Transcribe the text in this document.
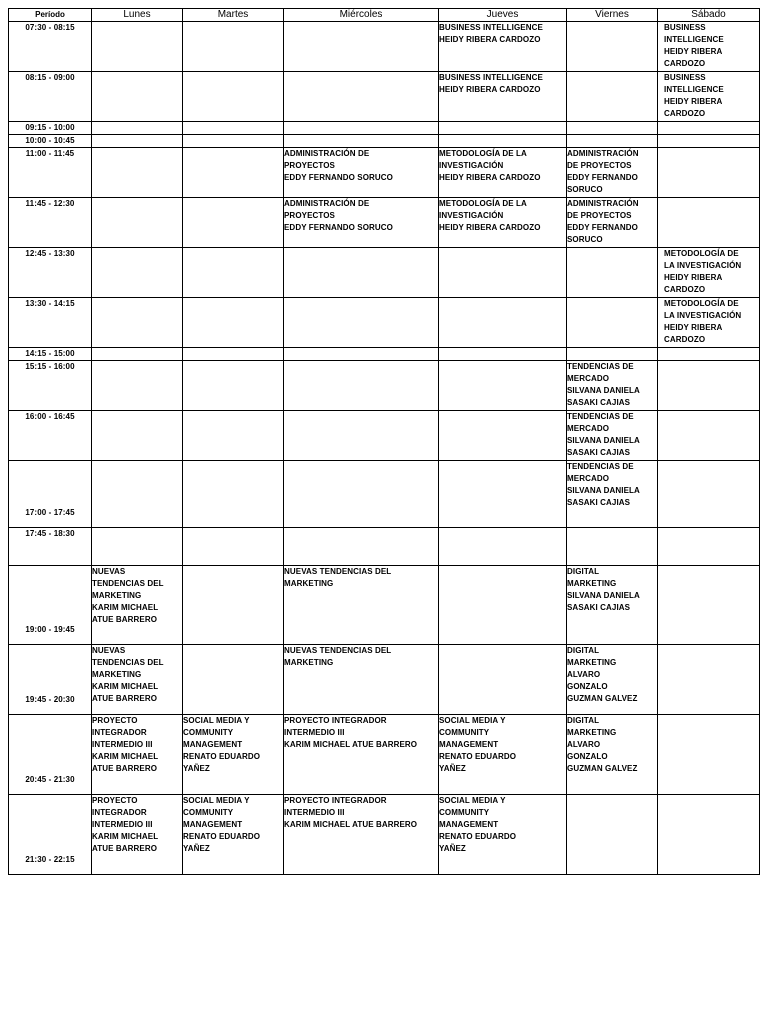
Período	Lunes	Martes	Miércoles	Jueves	Viernes	Sábado
07:30 - 08:15				BUSINESS INTELLIGENCE
HEIDY RIBERA CARDOZO		BUSINESS
INTELLIGENCE
HEIDY RIBERA
CARDOZO
08:15 - 09:00				BUSINESS INTELLIGENCE
HEIDY RIBERA CARDOZO		BUSINESS
INTELLIGENCE
HEIDY RIBERA
CARDOZO
09:15 - 10:00						
10:00 - 10:45						
11:00 - 11:45			ADMINISTRACIÓN DE
PROYECTOS
EDDY FERNANDO SORUCO	METODOLOGÍA DE LA
INVESTIGACIÓN
HEIDY RIBERA CARDOZO	ADMINISTRACIÓN
DE PROYECTOS
EDDY FERNANDO
SORUCO	
11:45 - 12:30			ADMINISTRACIÓN DE
PROYECTOS
EDDY FERNANDO SORUCO	METODOLOGÍA DE LA
INVESTIGACIÓN
HEIDY RIBERA CARDOZO	ADMINISTRACIÓN
DE PROYECTOS
EDDY FERNANDO
SORUCO	
12:45 - 13:30						METODOLOGÍA DE
LA INVESTIGACIÓN
HEIDY RIBERA
CARDOZO
13:30 - 14:15						METODOLOGÍA DE
LA INVESTIGACIÓN
HEIDY RIBERA
CARDOZO
14:15 - 15:00						
15:15 - 16:00					TENDENCIAS DE
MERCADO
SILVANA DANIELA
SASAKI CAJIAS	
16:00 - 16:45					TENDENCIAS DE
MERCADO
SILVANA DANIELA
SASAKI CAJIAS	
17:00 - 17:45					TENDENCIAS DE
MERCADO
SILVANA DANIELA
SASAKI CAJIAS	
17:45 - 18:30						
19:00 - 19:45	NUEVAS
TENDENCIAS DEL
MARKETING
KARIM MICHAEL
ATUE BARRERO		NUEVAS TENDENCIAS DEL
MARKETING		DIGITAL
MARKETING
SILVANA DANIELA
SASAKI CAJIAS	
19:45 - 20:30	NUEVAS
TENDENCIAS DEL
MARKETING
KARIM MICHAEL
ATUE BARRERO		NUEVAS TENDENCIAS DEL
MARKETING		DIGITAL
MARKETING
ALVARO
GONZALO
GUZMAN GALVEZ	
20:45 - 21:30	PROYECTO
INTEGRADOR
INTERMEDIO III
KARIM MICHAEL
ATUE BARRERO	SOCIAL MEDIA Y
COMMUNITY
MANAGEMENT
RENATO EDUARDO
YAÑEZ	PROYECTO INTEGRADOR
INTERMEDIO III
KARIM MICHAEL ATUE BARRERO	SOCIAL MEDIA Y
COMMUNITY
MANAGEMENT
RENATO EDUARDO
YAÑEZ	DIGITAL
MARKETING
ALVARO
GONZALO
GUZMAN GALVEZ	
21:30 - 22:15	PROYECTO
INTEGRADOR
INTERMEDIO III
KARIM MICHAEL
ATUE BARRERO	SOCIAL MEDIA Y
COMMUNITY
MANAGEMENT
RENATO EDUARDO
YAÑEZ	PROYECTO INTEGRADOR
INTERMEDIO III
KARIM MICHAEL ATUE BARRERO	SOCIAL MEDIA Y
COMMUNITY
MANAGEMENT
RENATO EDUARDO
YAÑEZ		
